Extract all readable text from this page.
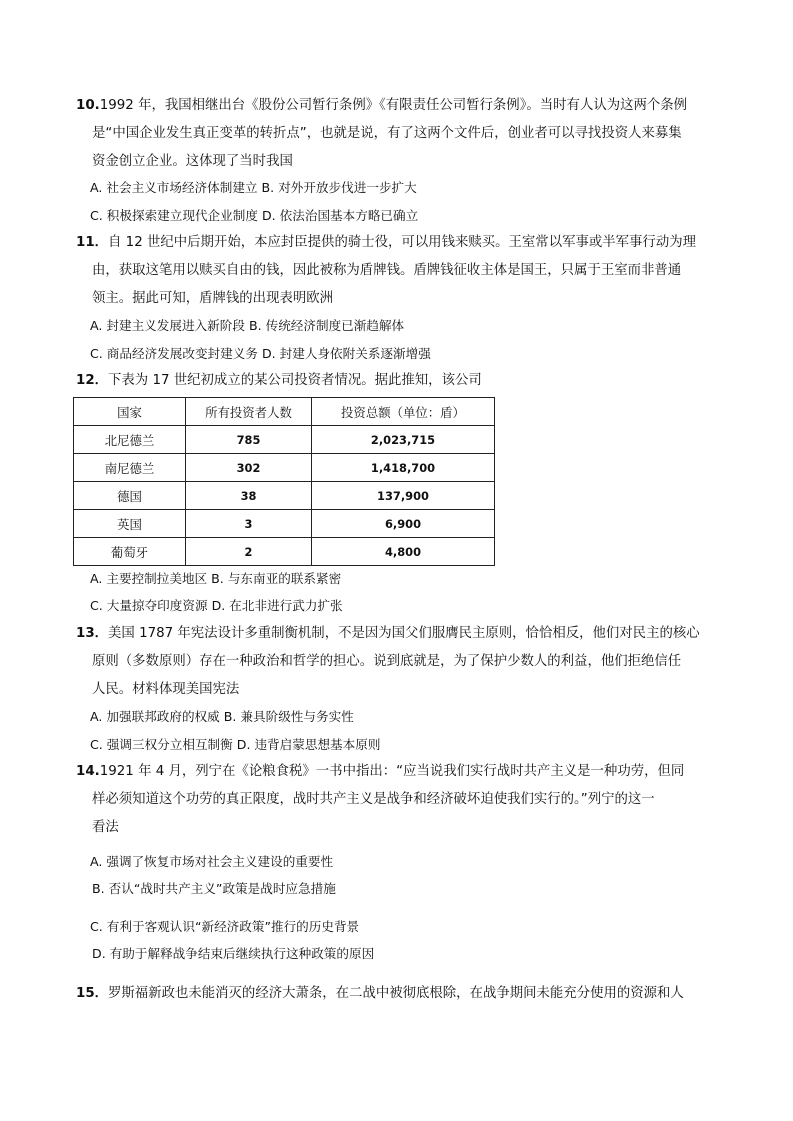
10.1992 年，我国相继出台《股份公司暂行条例》《有限责任公司暂行条例》。当时有人认为这两个条例
是“中国企业发生真正变革的转折点”，也就是说，有了这两个文件后，创业者可以寻找投资人来募集
资金创立企业。这体现了当时我国
A. 社会主义市场经济体制建立 B. 对外开放步伐进一步扩大
C. 积极探索建立现代企业制度 D. 依法治国基本方略已确立
11．自 12 世纪中后期开始，本应封臣提供的骑士役，可以用钱来赎买。王室常以军事或半军事行动为理
由，获取这笔用以赎买自由的钱，因此被称为盾牌钱。盾牌钱征收主体是国王，只属于王室而非普通
领主。据此可知，盾牌钱的出现表明欧洲
A. 封建主义发展进入新阶段 B. 传统经济制度已渐趋解体
C. 商品经济发展改变封建义务 D. 封建人身依附关系逐渐增强
12．下表为 17 世纪初成立的某公司投资者情况。据此推知，该公司
国家	所有投资者人数	投资总额（单位：盾）
北尼德兰	785	2,023,715
南尼德兰	302	1,418,700
德国	38	137,900
英国	3	6,900
葡萄牙	2	4,800
A. 主要控制拉美地区 B. 与东南亚的联系紧密
C. 大量掠夺印度资源 D. 在北非进行武力扩张
13．美国 1787 年宪法设计多重制衡机制，不是因为国父们服膺民主原则，恰恰相反，他们对民主的核心
原则（多数原则）存在一种政治和哲学的担心。说到底就是，为了保护少数人的利益，他们拒绝信任
人民。材料体现美国宪法
A. 加强联邦政府的权威 B. 兼具阶级性与务实性
C. 强调三权分立相互制衡 D. 违背启蒙思想基本原则
14.1921 年 4 月，列宁在《论粮食税》一书中指出：“应当说我们实行战时共产主义是一种功劳，但同
样必须知道这个功劳的真正限度，战时共产主义是战争和经济破坏迫使我们实行的。”列宁的这一
看法
A. 强调了恢复市场对社会主义建设的重要性
B. 否认“战时共产主义”政策是战时应急措施
C. 有利于客观认识“新经济政策”推行的历史背景
D. 有助于解释战争结束后继续执行这种政策的原因
15．罗斯福新政也未能消灭的经济大萧条，在二战中被彻底根除，在战争期间未能充分使用的资源和人
